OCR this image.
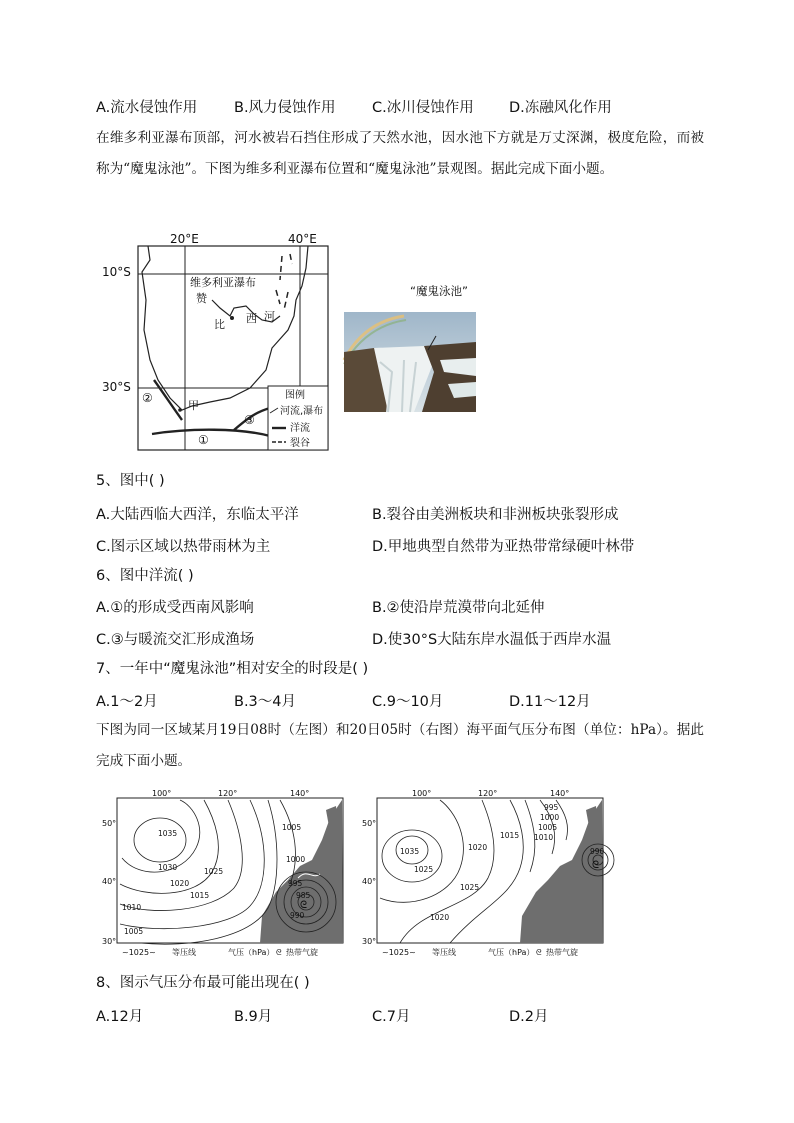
A.流水侵蚀作用	B.风力侵蚀作用	C.冰川侵蚀作用 D.冻融风化作用
在维多利亚瀑布顶部，河水被岩石挡住形成了天然水池，因水池下方就是万丈深渊，极度危险，而被称为“魔鬼泳池”。下图为维多利亚瀑布位置和“魔鬼泳池”景观图。据此完成下面小题。
20°E	40°E
10°S
30°S
维多利亚瀑布
赞
比 西 河
甲
①
②
③
图例
河流,瀑布
洋流
裂谷
“魔鬼泳池”
5、图中( )
A.大陆西临大西洋，东临太平洋	B.裂谷由美洲板块和非洲板块张裂形成
C.图示区域以热带雨林为主	D.甲地典型自然带为亚热带常绿硬叶林带
6、图中洋流( )
A.①的形成受西南风影响	B.②使沿岸荒漠带向北延伸
C.③与暖流交汇形成渔场	D.使30°S大陆东岸水温低于西岸水温
7、一年中“魔鬼泳池”相对安全的时段是( )
A.1～2月	B.3～4月	C.9～10月	D.11～12月
下图为同一区域某月19日08时（左图）和20日05时（右图）海平面气压分布图（单位：hPa）。据此完成下面小题。
100°	120°	140°
50°
40°
30°
1035
1030	1025
1020
1015
1010
1005
1005
1000
995
985
990
ᘓ
~1025~ 等压线	气压（hPa） ᘓ 热带气旋
100°	120°	140°
50°
40°
30°
995
1000
1005
1010
1015
1020
1035
1025
1025
1020
990
ᘓ
~1025~ 等压线	气压（hPa） ᘓ 热带气旋
8、图示气压分布最可能出现在( )
A.12月	B.9月	C.7月	D.2月
